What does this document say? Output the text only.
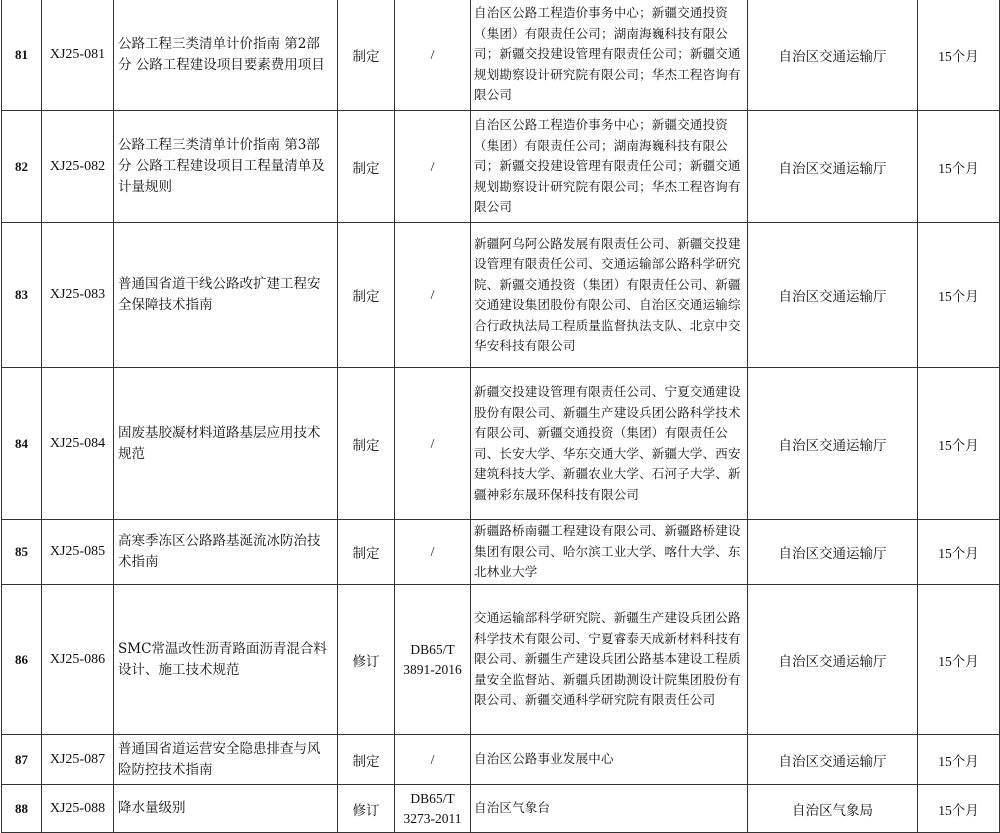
81	XJ25-081	公路工程三类清单计价指南 第2部分 公路工程建设项目要素费用项目	制定	/	自治区公路工程造价事务中心；新疆交通投资（集团）有限责任公司；湖南海巍科技有限公司；新疆交投建设管理有限责任公司；新疆交通规划勘察设计研究院有限公司；华杰工程咨询有限公司	自治区交通运输厅	15个月
82	XJ25-082	公路工程三类清单计价指南 第3部分 公路工程建设项目工程量清单及计量规则	制定	/	自治区公路工程造价事务中心；新疆交通投资（集团）有限责任公司；湖南海巍科技有限公司；新疆交投建设管理有限责任公司；新疆交通规划勘察设计研究院有限公司；华杰工程咨询有限公司	自治区交通运输厅	15个月
83	XJ25-083	普通国省道干线公路改扩建工程安全保障技术指南	制定	/	新疆阿乌阿公路发展有限责任公司、新疆交投建设管理有限责任公司、交通运输部公路科学研究院、新疆交通投资（集团）有限责任公司、新疆交通建设集团股份有限公司、自治区交通运输综合行政执法局工程质量监督执法支队、北京中交华安科技有限公司	自治区交通运输厅	15个月
84	XJ25-084	固废基胶凝材料道路基层应用技术规范	制定	/	新疆交投建设管理有限责任公司、宁夏交通建设股份有限公司、新疆生产建设兵团公路科学技术有限公司、新疆交通投资（集团）有限责任公司、长安大学、华东交通大学、新疆大学、西安建筑科技大学、新疆农业大学、石河子大学、新疆神彩东晟环保科技有限公司	自治区交通运输厅	15个月
85	XJ25-085	高寒季冻区公路路基涎流冰防治技术指南	制定	/	新疆路桥南疆工程建设有限公司、新疆路桥建设集团有限公司、哈尔滨工业大学、喀什大学、东北林业大学	自治区交通运输厅	15个月
86	XJ25-086	SMC常温改性沥青路面沥青混合料设计、施工技术规范	修订	DB65/T 3891-2016	交通运输部科学研究院、新疆生产建设兵团公路科学技术有限公司、宁夏睿泰天成新材料科技有限公司、新疆生产建设兵团公路基本建设工程质量安全监督站、新疆兵团勘测设计院集团股份有限公司、新疆交通科学研究院有限责任公司	自治区交通运输厅	15个月
87	XJ25-087	普通国省道运营安全隐患排查与风险防控技术指南	制定	/	自治区公路事业发展中心	自治区交通运输厅	15个月
88	XJ25-088	降水量级别	修订	DB65/T 3273-2011	自治区气象台	自治区气象局	15个月
